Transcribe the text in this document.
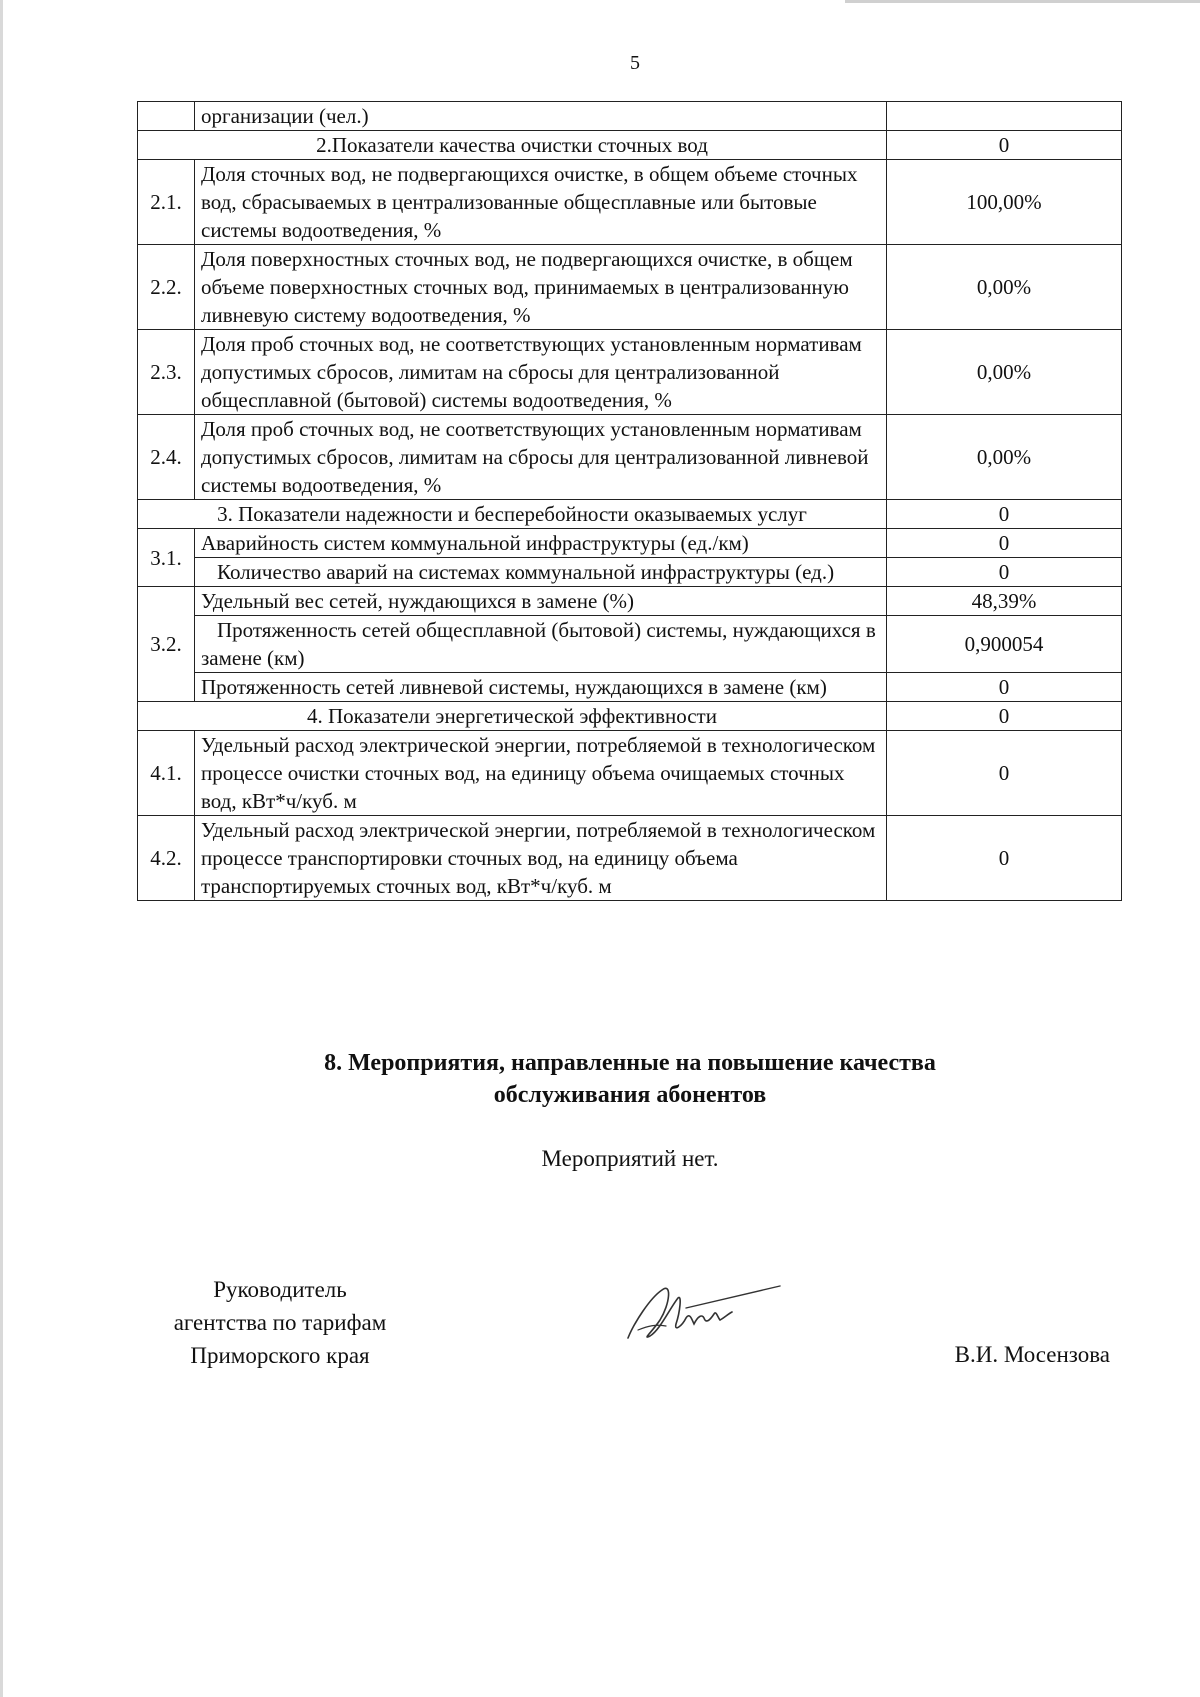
5
	организации (чел.)	
2.Показатели качества очистки сточных вод		0
2.1.	Доля сточных вод, не подвергающихся очистке, в общем объеме сточных вод, сбрасываемых в централизованные общесплавные или бытовые системы водоотведения, %	100,00%
2.2.	Доля поверхностных сточных вод, не подвергающихся очистке, в общем объеме поверхностных сточных вод, принимаемых в централизованную ливневую систему водоотведения, %	0,00%
2.3.	Доля проб сточных вод, не соответствующих установленным нормативам допустимых сбросов, лимитам на сбросы для централизованной общесплавной (бытовой) системы водоотведения, %	0,00%
2.4.	Доля проб сточных вод, не соответствующих установленным нормативам допустимых сбросов, лимитам на сбросы для централизованной ливневой системы водоотведения, %	0,00%
3. Показатели надежности и бесперебойности оказываемых услуг		0
3.1.	Аварийность систем коммунальной инфраструктуры (ед./км)	0
	Количество аварий на системах коммунальной инфраструктуры (ед.)	0
3.2.	Удельный вес сетей, нуждающихся в замене (%)	48,39%
	Протяженность сетей общесплавной (бытовой) системы, нуждающихся в замене (км)	0,900054
	Протяженность сетей ливневой системы, нуждающихся в замене (км)	0
4. Показатели энергетической эффективности		0
4.1.	Удельный расход электрической энергии, потребляемой в технологическом процессе очистки сточных вод, на единицу объема очищаемых сточных вод, кВт*ч/куб. м	0
4.2.	Удельный расход электрической энергии, потребляемой в технологическом процессе транспортировки сточных вод, на единицу объема транспортируемых сточных вод, кВт*ч/куб. м	0
8. Мероприятия, направленные на повышение качества
обслуживания абонентов
Мероприятий нет.
Руководитель
агентства по тарифам
Приморского края	В.И. Мосензова
